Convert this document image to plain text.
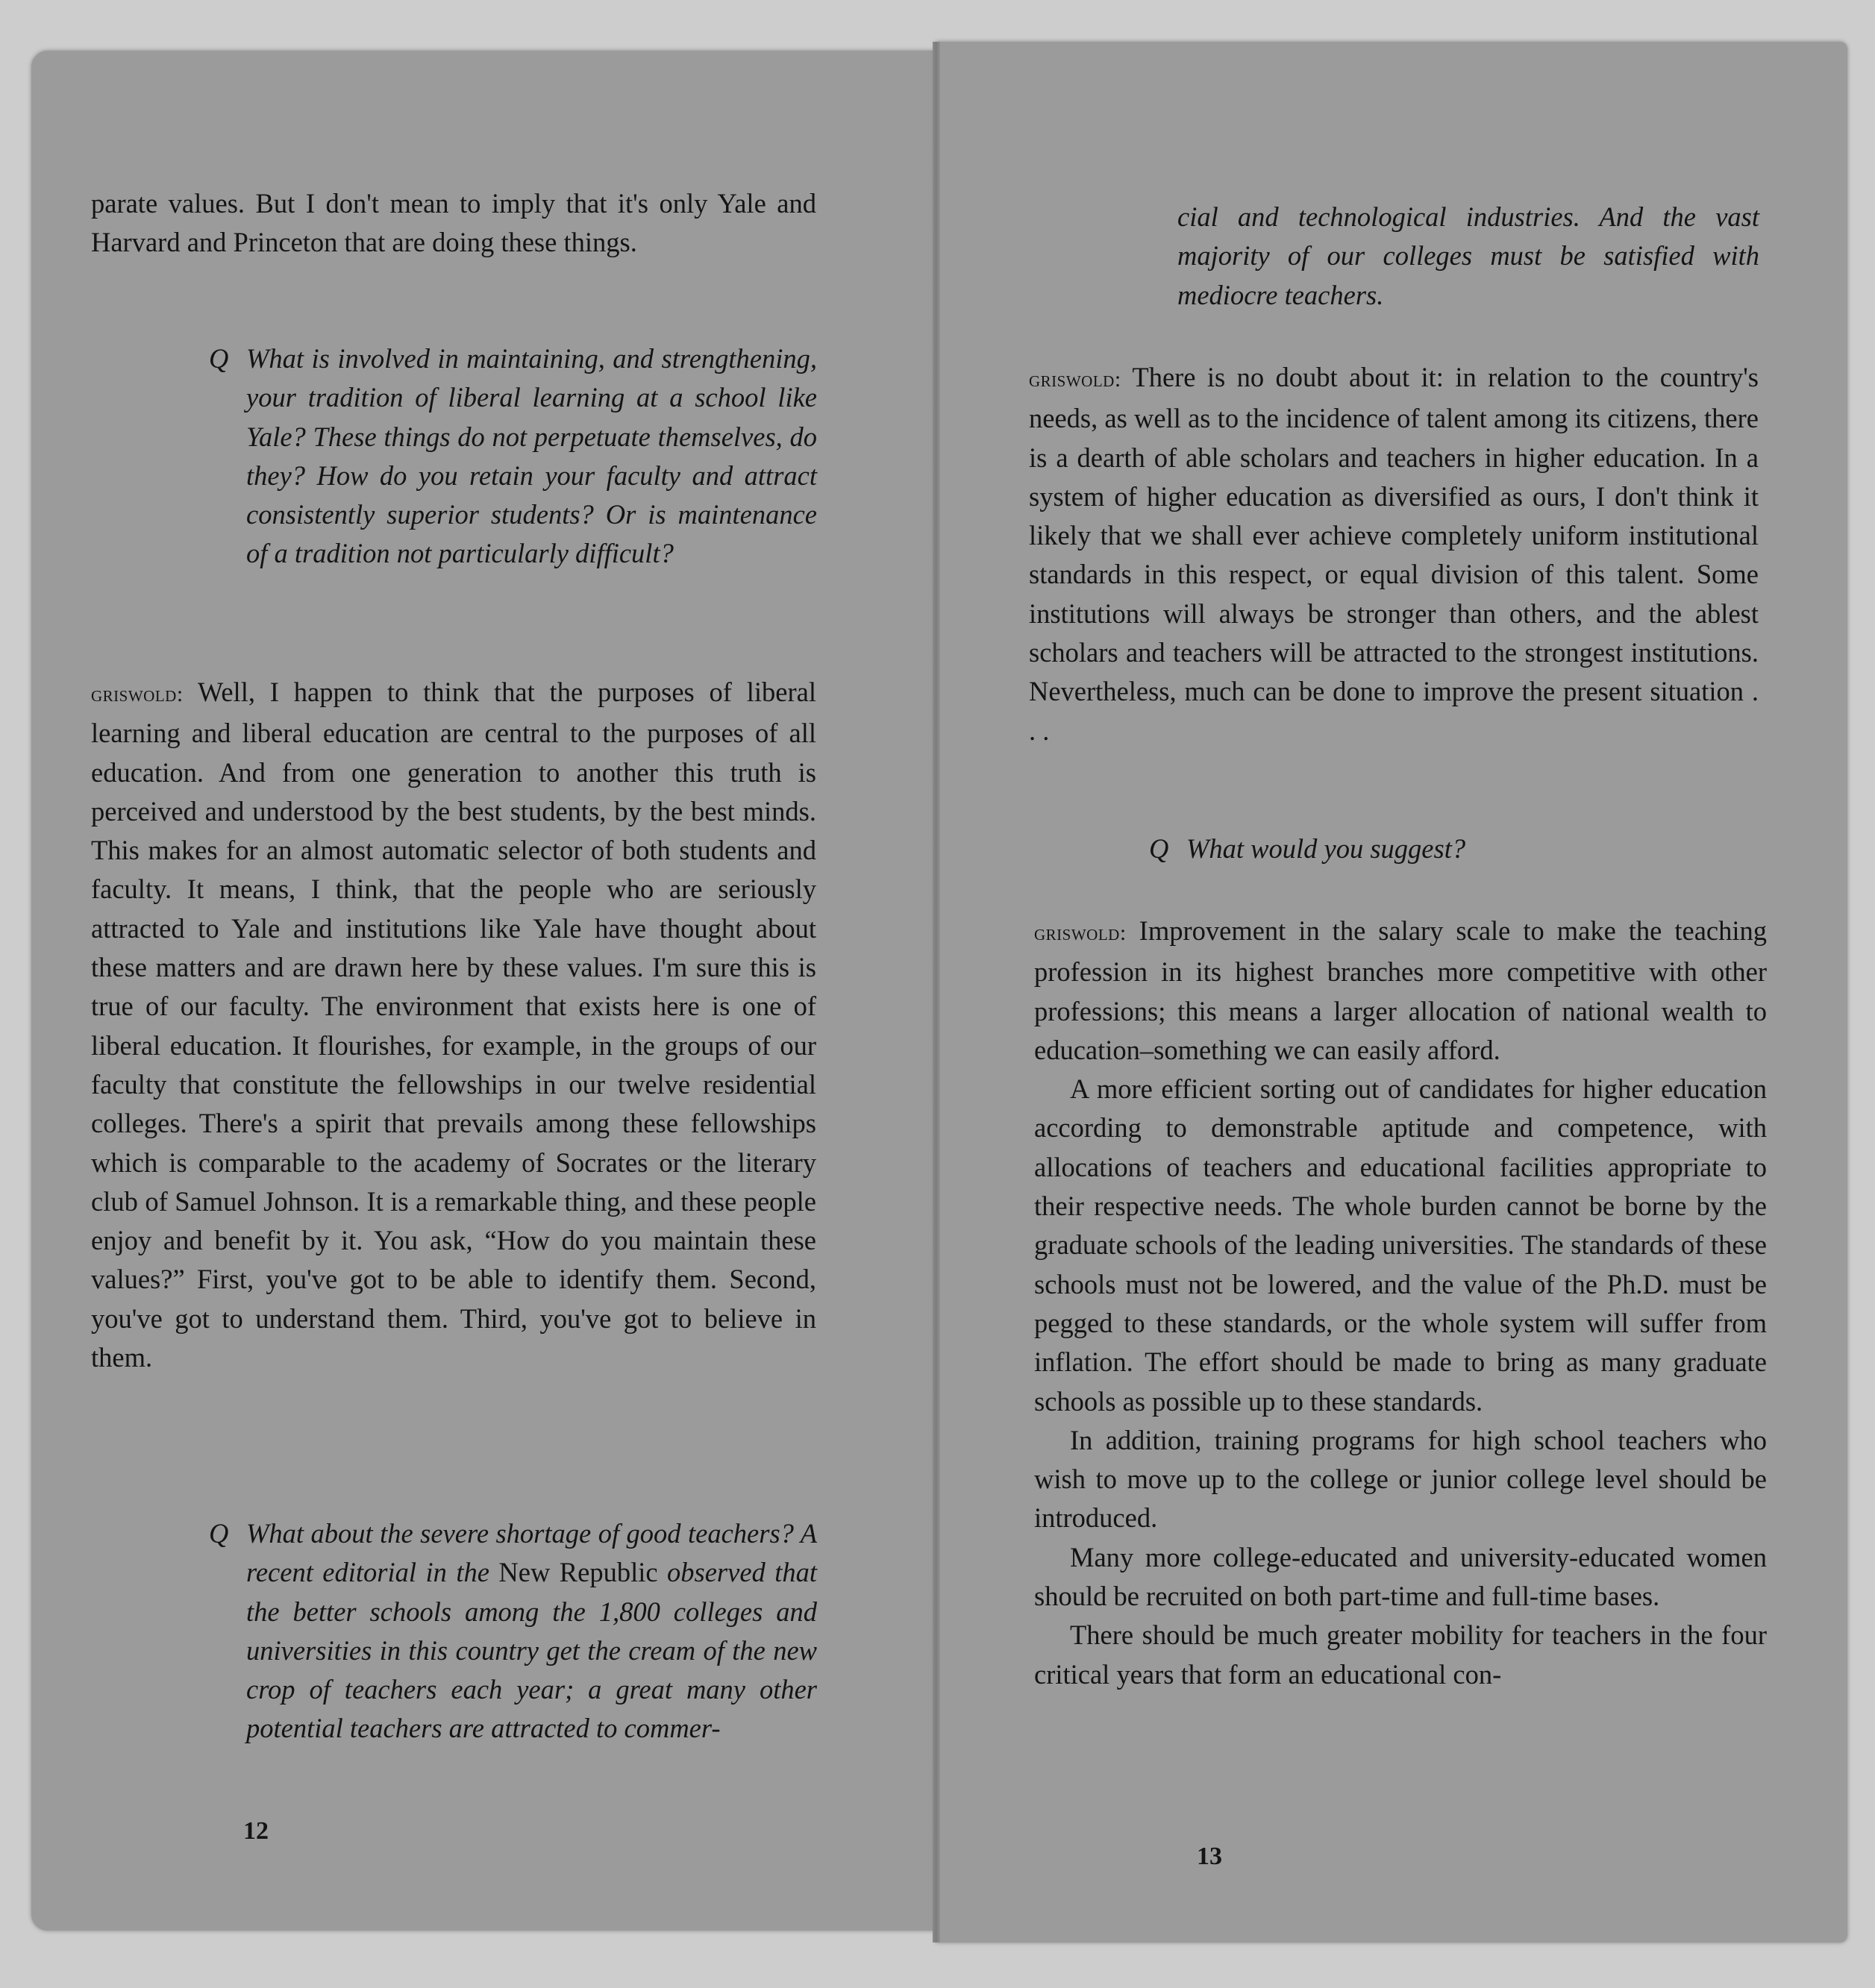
parate values. But I don't mean to imply that it's only Yale and Harvard and Princeton that are doing these things.

Q What is involved in maintaining, and strengthening, your tradition of liberal learning at a school like Yale? These things do not perpetuate themselves, do they? How do you retain your faculty and attract consistently superior students? Or is maintenance of a tradition not particularly difficult?

griswold: Well, I happen to think that the purposes of liberal learning and liberal education are central to the purposes of all education. And from one generation to another this truth is perceived and understood by the best students, by the best minds. This makes for an almost automatic selector of both students and faculty. It means, I think, that the people who are seriously attracted to Yale and institutions like Yale have thought about these matters and are drawn here by these values. I'm sure this is true of our faculty. The environment that exists here is one of liberal education. It flourishes, for example, in the groups of our faculty that constitute the fellowships in our twelve residential colleges. There's a spirit that prevails among these fellowships which is comparable to the academy of Socrates or the literary club of Samuel Johnson. It is a remarkable thing, and these people enjoy and benefit by it. You ask, “How do you maintain these values?” First, you've got to be able to identify them. Second, you've got to understand them. Third, you've got to believe in them.

Q What about the severe shortage of good teachers? A recent editorial in the New Republic observed that the better schools among the 1,800 colleges and universities in this country get the cream of the new crop of teachers each year; a great many other potential teachers are attracted to commer-

12

cial and technological industries. And the vast majority of our colleges must be satisfied with mediocre teachers.

griswold: There is no doubt about it: in relation to the country's needs, as well as to the incidence of talent among its citizens, there is a dearth of able scholars and teachers in higher education. In a system of higher education as diversified as ours, I don't think it likely that we shall ever achieve completely uniform institutional standards in this respect, or equal division of this talent. Some institutions will always be stronger than others, and the ablest scholars and teachers will be attracted to the strongest institutions. Nevertheless, much can be done to improve the present situation . . .

Q What would you suggest?

griswold: Improvement in the salary scale to make the teaching profession in its highest branches more competitive with other professions; this means a larger allocation of national wealth to education–something we can easily afford.

A more efficient sorting out of candidates for higher education according to demonstrable aptitude and competence, with allocations of teachers and educational facilities appropriate to their respective needs. The whole burden cannot be borne by the graduate schools of the leading universities. The standards of these schools must not be lowered, and the value of the Ph.D. must be pegged to these standards, or the whole system will suffer from inflation. The effort should be made to bring as many graduate schools as possible up to these standards.

In addition, training programs for high school teachers who wish to move up to the college or junior college level should be introduced.

Many more college-educated and university-educated women should be recruited on both part-time and full-time bases.

There should be much greater mobility for teachers in the four critical years that form an educational con-

13
